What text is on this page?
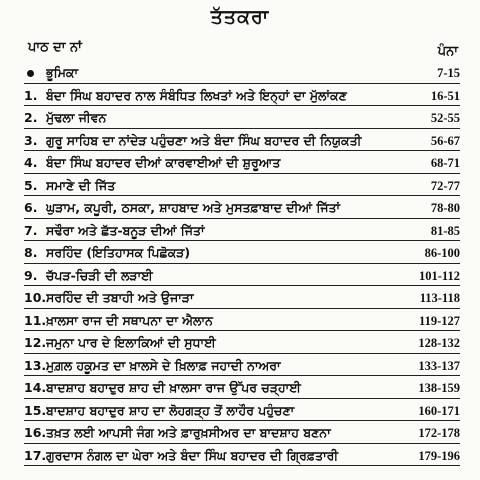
ਤੱਤਕਰਾ
ਪਾਠ ਦਾ ਨਾਂ	ਪੰਨਾ
ਭੂਮਿਕਾ	7-15
1. ਬੰਦਾ ਸਿੰਘ ਬਹਾਦਰ ਨਾਲ ਸੰਬੰਧਿਤ ਲਿਖਤਾਂ ਅਤੇ ਇਨ੍ਹਾਂ ਦਾ ਮੁੱਲਾਂਕਣ	16-51
2. ਮੁੱਢਲਾ ਜੀਵਨ	52-55
3. ਗੁਰੂ ਸਾਹਿਬ ਦਾ ਨਾਂਦੇੜ ਪਹੁੰਚਣਾ ਅਤੇ ਬੰਦਾ ਸਿੰਘ ਬਹਾਦਰ ਦੀ ਨਿਯੁਕਤੀ	56-67
4. ਬੰਦਾ ਸਿੰਘ ਬਹਾਦਰ ਦੀਆਂ ਕਾਰਵਾਈਆਂ ਦੀ ਸ਼ੁਰੂਆਤ	68-71
5. ਸਮਾਣੇ ਦੀ ਜਿੱਤ	72-77
6. ਘੁੜਾਮ, ਕਪੂਰੀ, ਠਸਕਾ, ਸ਼ਾਹਬਾਦ ਅਤੇ ਮੁਸਤਫ਼ਾਬਾਦ ਦੀਆਂ ਜਿੱਤਾਂ	78-80
7. ਸਢੌਰਾ ਅਤੇ ਛੱਤ-ਬਨੂੜ ਦੀਆਂ ਜਿੱਤਾਂ	81-85
8. ਸਰਹਿੰਦ (ਇਤਿਹਾਸਕ ਪਿਛੋਕੜ)	86-100
9. ਚੱਪੜ-ਚਿੜੀ ਦੀ ਲੜਾਈ	101-112
10. ਸਰਹਿੰਦ ਦੀ ਤਬਾਹੀ ਅਤੇ ਉਜਾੜਾ	113-118
11. ਖ਼ਾਲਸਾ ਰਾਜ ਦੀ ਸਥਾਪਨਾ ਦਾ ਐਲਾਨ	119-127
12. ਜਮੁਨਾ ਪਾਰ ਦੇ ਇਲਾਕਿਆਂ ਦੀ ਸੁਧਾਈ	128-132
13. ਮੁਗ਼ਲ ਹਕੂਮਤ ਦਾ ਖ਼ਾਲਸੇ ਦੇ ਖ਼ਿਲਾਫ਼ ਜਹਾਦੀ ਨਾਅਰਾ	133-137
14. ਬਾਦਸ਼ਾਹ ਬਹਾਦੁਰ ਸ਼ਾਹ ਦੀ ਖ਼ਾਲਸਾ ਰਾਜ ਉੱਪਰ ਚੜ੍ਹਾਈ	138-159
15. ਬਾਦਸ਼ਾਹ ਬਹਾਦੁਰ ਸ਼ਾਹ ਦਾ ਲੋਹਗੜ੍ਹ ਤੋਂ ਲਾਹੌਰ ਪਹੁੰਚਣਾ	160-171
16. ਤਖ਼ਤ ਲਈ ਆਪਸੀ ਜੰਗ ਅਤੇ ਫ਼ਾਰੁਖ਼ਸੀਅਰ ਦਾ ਬਾਦਸ਼ਾਹ ਬਣਨਾ	172-178
17. ਗੁਰਦਾਸ ਨੰਗਲ ਦਾ ਘੇਰਾ ਅਤੇ ਬੰਦਾ ਸਿੰਘ ਬਹਾਦਰ ਦੀ ਗ੍ਰਿਫ਼ਤਾਰੀ	179-196
